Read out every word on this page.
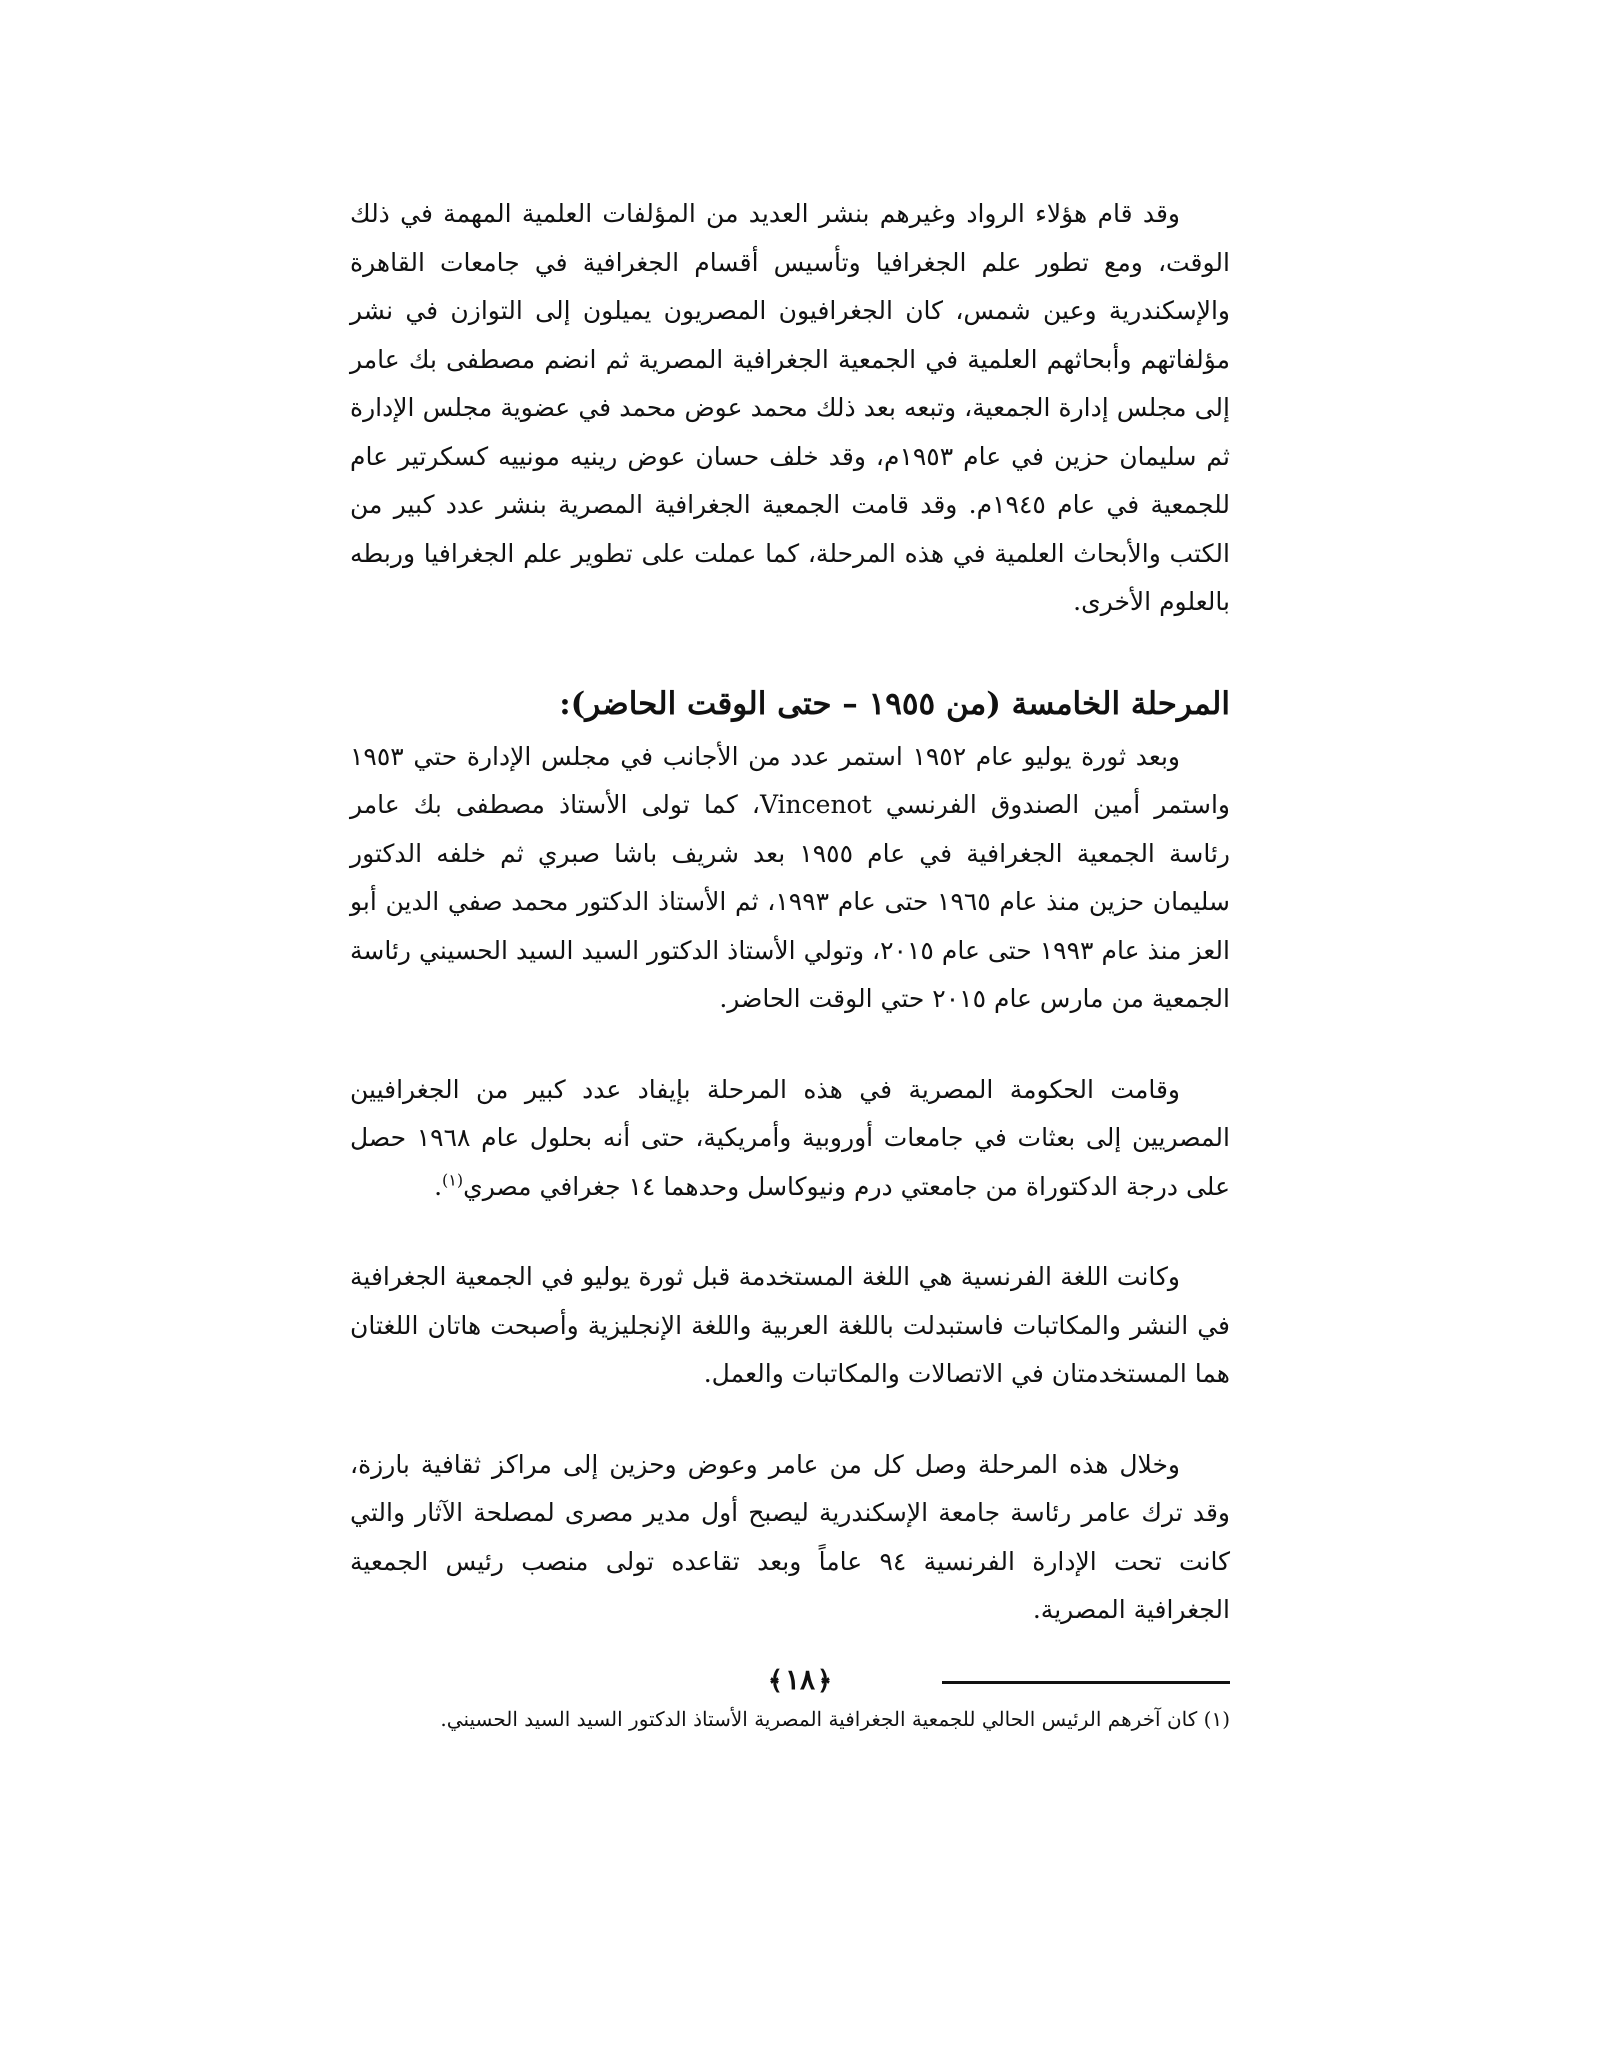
وقد قام هؤلاء الرواد وغيرهم بنشر العديد من المؤلفات العلمية المهمة في ذلك الوقت، ومع تطور علم الجغرافيا وتأسيس أقسام الجغرافية في جامعات القاهرة والإسكندرية وعين شمس، كان الجغرافيون المصريون يميلون إلى التوازن في نشر مؤلفاتهم وأبحاثهم العلمية في الجمعية الجغرافية المصرية ثم انضم مصطفى بك عامر إلى مجلس إدارة الجمعية، وتبعه بعد ذلك محمد عوض محمد في عضوية مجلس الإدارة ثم سليمان حزين في عام ١٩٥٣م، وقد خلف حسان عوض رينيه مونييه كسكرتير عام للجمعية في عام ١٩٤٥م. وقد قامت الجمعية الجغرافية المصرية بنشر عدد كبير من الكتب والأبحاث العلمية في هذه المرحلة، كما عملت على تطوير علم الجغرافيا وربطه بالعلوم الأخرى.

المرحلة الخامسة (من ١٩٥٥ – حتى الوقت الحاضر):

وبعد ثورة يوليو عام ١٩٥٢ استمر عدد من الأجانب في مجلس الإدارة حتي ١٩٥٣ واستمر أمين الصندوق الفرنسي Vincenot، كما تولى الأستاذ مصطفى بك عامر رئاسة الجمعية الجغرافية في عام ١٩٥٥ بعد شريف باشا صبري ثم خلفه الدكتور سليمان حزين منذ عام ١٩٦٥ حتى عام ١٩٩٣، ثم الأستاذ الدكتور محمد صفي الدين أبو العز منذ عام ١٩٩٣ حتى عام ٢٠١٥، وتولي الأستاذ الدكتور السيد السيد الحسيني رئاسة الجمعية من مارس عام ٢٠١٥ حتي الوقت الحاضر.

وقامت الحكومة المصرية في هذه المرحلة بإيفاد عدد كبير من الجغرافيين المصريين إلى بعثات في جامعات أوروبية وأمريكية، حتى أنه بحلول عام ١٩٦٨ حصل على درجة الدكتوراة من جامعتي درم ونيوكاسل وحدهما ١٤ جغرافي مصري$^{(١)}$.

وكانت اللغة الفرنسية هي اللغة المستخدمة قبل ثورة يوليو في الجمعية الجغرافية في النشر والمكاتبات فاستبدلت باللغة العربية واللغة الإنجليزية وأصبحت هاتان اللغتان هما المستخدمتان في الاتصالات والمكاتبات والعمل.

وخلال هذه المرحلة وصل كل من عامر وعوض وحزين إلى مراكز ثقافية بارزة، وقد ترك عامر رئاسة جامعة الإسكندرية ليصبح أول مدير مصرى لمصلحة الآثار والتي كانت تحت الإدارة الفرنسية ٩٤ عاماً وبعد تقاعده تولى منصب رئيس الجمعية الجغرافية المصرية.

(١) كان آخرهم الرئيس الحالي للجمعية الجغرافية المصرية الأستاذ الدكتور السيد السيد الحسيني.

﴿١٨﴾
